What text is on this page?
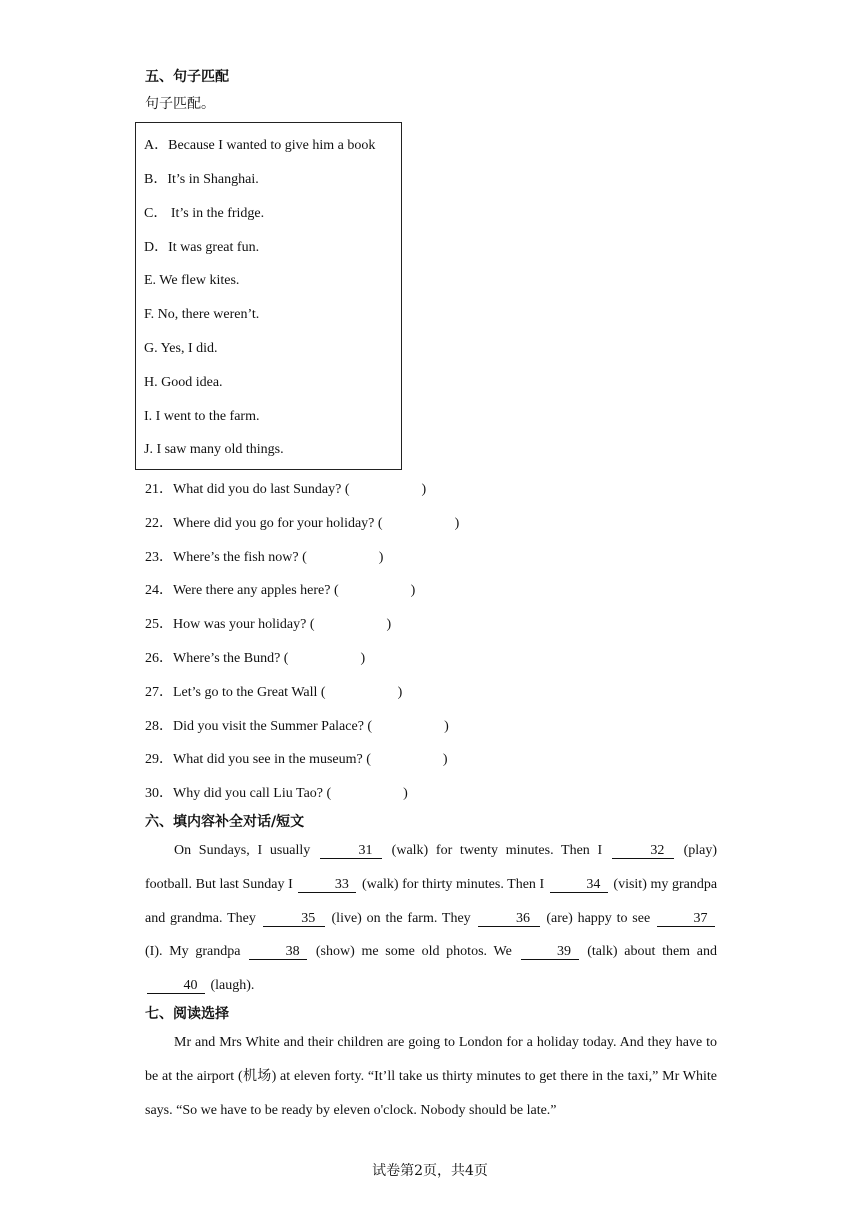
五、句子匹配
句子匹配。
A．Because I wanted to give him a book
B．It’s in Shanghai.
C． It’s in the fridge.
D．It was great fun.
E. We flew kites.
F. No, there weren’t.
G. Yes, I did.
H. Good idea.
I. I went to the farm.
J. I saw many old things.
21．What did you do last Sunday? (	)
22．Where did you go for your holiday? (	)
23．Where’s the fish now? (	)
24．Were there any apples here? (	)
25．How was your holiday? (	)
26．Where’s the Bund? (	)
27．Let’s go to the Great Wall (	)
28．Did you visit the Summer Palace? (	)
29．What did you see in the museum? (	)
30．Why did you call Liu Tao? (	)
六、填内容补全对话/短文

On Sundays, I usually	31 (walk) for twenty minutes. Then I	32 (play) football. But last Sunday I	33 (walk) for thirty minutes. Then I	34 (visit) my grandpa and grandma. They	35 (live) on the farm. They	36 (are) happy to see	37 (I). My grandpa	38 (show) me some old photos. We	39 (talk) about them and 40 (laugh).

七、阅读选择

Mr and Mrs White and their children are going to London for a holiday today. And they have to be at the airport (机场) at eleven forty. “It’ll take us thirty minutes to get there in the taxi,” Mr White says. “So we have to be ready by eleven o'clock. Nobody should be late.”

试卷第2页，共4页
